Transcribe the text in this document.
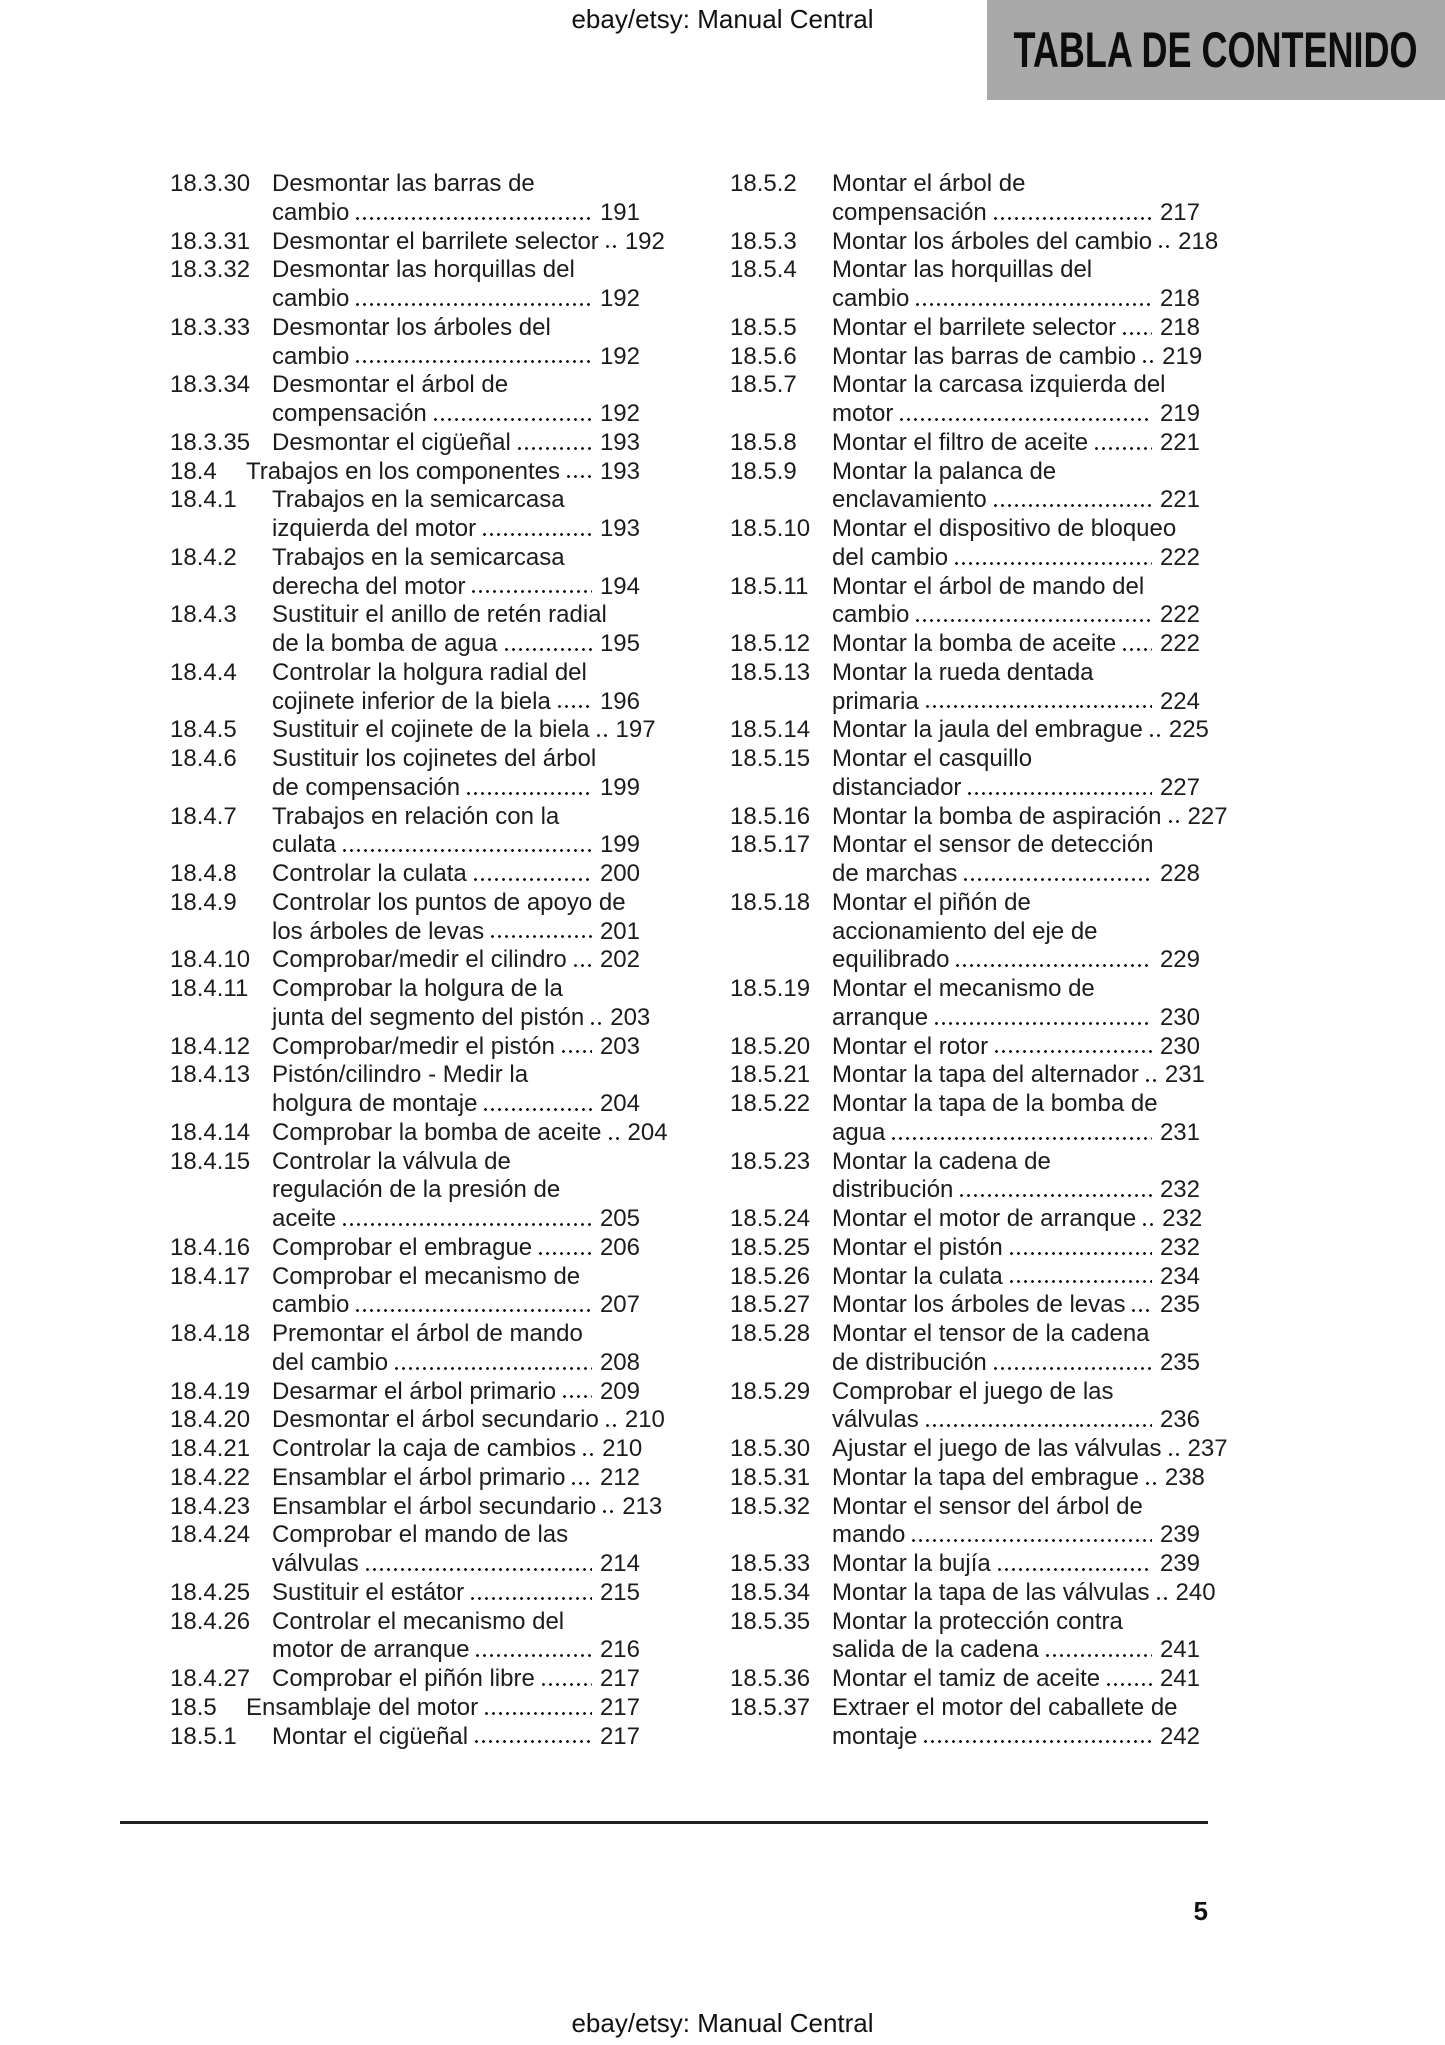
ebay/etsy: Manual Central
TABLA DE CONTENIDO
18.3.30 Desmontar las barras de
cambio	191
18.3.31 Desmontar el barrilete selector 192
18.3.32 Desmontar las horquillas del
cambio	192
18.3.33 Desmontar los árboles del
cambio	192
18.3.34 Desmontar el árbol de
compensación	192
18.3.35 Desmontar el cigüeñal	193
18.4	Trabajos en los componentes 193
18.4.1	Trabajos en la semicarcasa
izquierda del motor	193
18.4.2	Trabajos en la semicarcasa
derecha del motor	194
18.4.3	Sustituir el anillo de retén radial
de la bomba de agua	195
18.4.4	Controlar la holgura radial del
cojinete inferior de la biela 196
18.4.5	Sustituir el cojinete de la biela 197
18.4.6	Sustituir los cojinetes del árbol
de compensación	199
18.4.7	Trabajos en relación con la
culata	199
18.4.8	Controlar la culata	200
18.4.9	Controlar los puntos de apoyo de
los árboles de levas	201
18.4.10 Comprobar/medir el cilindro 202
18.4.11 Comprobar la holgura de la
junta del segmento del pistón 203
18.4.12 Comprobar/medir el pistón 203
18.4.13 Pistón/cilindro - Medir la
holgura de montaje	204
18.4.14 Comprobar la bomba de aceite 204
18.4.15 Controlar la válvula de
regulación de la presión de
aceite	205
18.4.16 Comprobar el embrague	206
18.4.17 Comprobar el mecanismo de
cambio	207
18.4.18 Premontar el árbol de mando
del cambio	208
18.4.19 Desarmar el árbol primario 209
18.4.20 Desmontar el árbol secundario 210
18.4.21 Controlar la caja de cambios 210
18.4.22 Ensamblar el árbol primario 212
18.4.23 Ensamblar el árbol secundario 213
18.4.24 Comprobar el mando de las
válvulas	214
18.4.25 Sustituir el estátor	215
18.4.26 Controlar el mecanismo del
motor de arranque	216
18.4.27 Comprobar el piñón libre	217
18.5	Ensamblaje del motor	217
18.5.1	Montar el cigüeñal	217
18.5.2	Montar el árbol de
compensación	217
18.5.3	Montar los árboles del cambio 218
18.5.4	Montar las horquillas del
cambio	218
18.5.5	Montar el barrilete selector 218
18.5.6	Montar las barras de cambio 219
18.5.7	Montar la carcasa izquierda del
motor	219
18.5.8	Montar el filtro de aceite	221
18.5.9	Montar la palanca de
enclavamiento	221
18.5.10 Montar el dispositivo de bloqueo
del cambio	222
18.5.11 Montar el árbol de mando del
cambio	222
18.5.12 Montar la bomba de aceite 222
18.5.13 Montar la rueda dentada
primaria	224
18.5.14 Montar la jaula del embrague 225
18.5.15 Montar el casquillo
distanciador	227
18.5.16 Montar la bomba de aspiración 227
18.5.17 Montar el sensor de detección
de marchas	228
18.5.18 Montar el piñón de
accionamiento del eje de
equilibrado	229
18.5.19 Montar el mecanismo de
arranque	230
18.5.20 Montar el rotor	230
18.5.21 Montar la tapa del alternador 231
18.5.22 Montar la tapa de la bomba de
agua	231
18.5.23 Montar la cadena de
distribución	232
18.5.24 Montar el motor de arranque 232
18.5.25 Montar el pistón	232
18.5.26 Montar la culata	234
18.5.27 Montar los árboles de levas 235
18.5.28 Montar el tensor de la cadena
de distribución	235
18.5.29 Comprobar el juego de las
válvulas	236
18.5.30 Ajustar el juego de las válvulas 237
18.5.31 Montar la tapa del embrague 238
18.5.32 Montar el sensor del árbol de
mando	239
18.5.33 Montar la bujía	239
18.5.34 Montar la tapa de las válvulas 240
18.5.35 Montar la protección contra
salida de la cadena	241
18.5.36 Montar el tamiz de aceite 241
18.5.37 Extraer el motor del caballete de
montaje	242
5
ebay/etsy: Manual Central
